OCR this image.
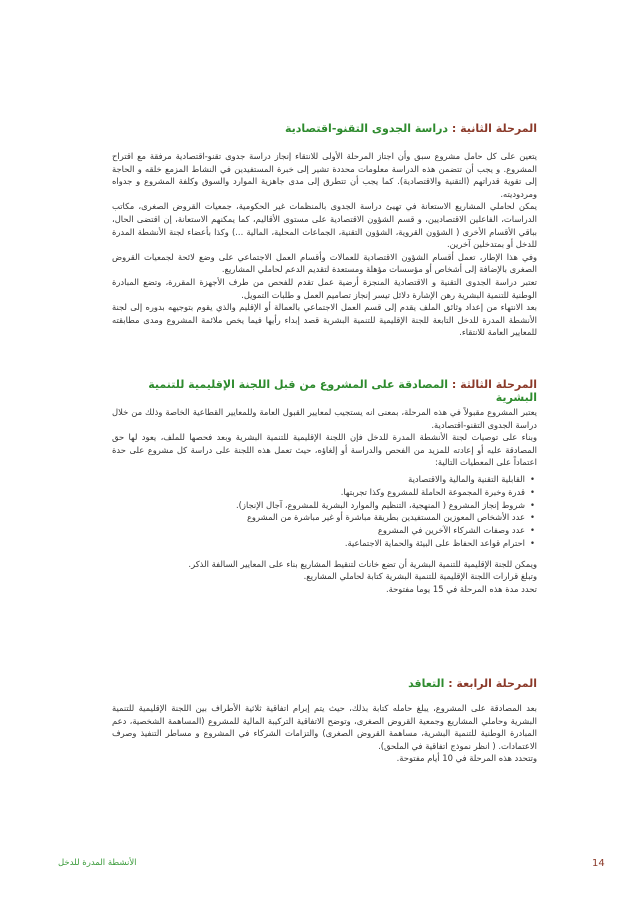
المرحلة الثانية : دراسة الجدوى التقنو-اقتصادية

يتعين على كل حامل مشروع سبق وأن اجتاز المرحلة الأولى للانتقاء إنجاز دراسة جدوى تقنو-اقتصادية مرفقة مع اقتراح المشروع. و يجب أن تتضمن هذه الدراسة معلومات محددة تشير إلى خبرة المستفيدين في النشاط المزمع خلقه و الحاجة إلى تقوية قدراتهم (التقنية والاقتصادية). كما يجب أن تتطرق إلى مدى جاهزية الموارد والسوق وكلفة المشروع و جدواه ومردوديته.

يمكن لحاملي المشاريع الاستعانة في تهيئ دراسة الجدوى بالمنظمات غير الحكومية، جمعيات القروض الصغرى، مكاتب الدراسات، الفاعلين الاقتصاديين، و قسم الشؤون الاقتصادية على مستوى الأقاليم، كما يمكنهم الاستعانة، إن اقتضى الحال، بباقي الأقسام الأخرى ( الشؤون القروية، الشؤون التقنية، الجماعات المحلية، المالية ...) وكذا بأعضاء لجنة الأنشطة المدرة للدخل أو بمتدخلين آخرين.

وفي هذا الإطار، تعمل أقسام الشؤون الاقتصادية للعمالات وأقسام العمل الاجتماعي على وضع لائحة لجمعيات القروض الصغرى بالإضافة إلى أشخاص أو مؤسسات مؤهلة ومستعدة لتقديم الدعم لحاملي المشاريع.

تعتبر دراسة الجدوى التقنية و الاقتصادية المنجزة أرضية عمل تقدم للفحص من طرف الأجهزة المقررة، وتضع المبادرة الوطنية للتنمية البشرية رهن الإشارة دلائل تيسر إنجاز تصاميم العمل و طلبات التمويل.

بعد الانتهاء من إعداد وثائق الملف يقدم إلى قسم العمل الاجتماعي بالعمالة أو الإقليم والذي يقوم بتوجيهه بدوره إلى لجنة الأنشطة المدرة للدخل التابعة للجنة الإقليمية للتنمية البشرية قصد إبداء رأيها فيما يخص ملائمة المشروع ومدى مطابقته للمعايير العامة للانتقاء.

المرحلة الثالثة : المصادقة على المشروع من قبل اللجنة الإقليمية للتنمية البشرية

يعتبر المشروع مقبولاً في هذه المرحلة، بمعنى انه يستجيب لمعايير القبول العامة وللمعايير القطاعية الخاصة وذلك من خلال دراسة الجدوى التقنو-اقتصادية.

وبناء على توصيات لجنة الأنشطة المدرة للدخل فإن اللجنة الإقليمية للتنمية البشرية وبعد فحصها للملف، يعود لها حق المصادقة عليه أو إعادته للمزيد من الفحص والدراسة أو إلغاؤه، حيث تعمل هذه اللجنة على دراسة كل مشروع على حدة اعتماداً على المعطيات التالية:

•القابلية التقنية والمالية والاقتصادية
•قدرة وخبرة المجموعة الحاملة للمشروع وكذا تجربتها.
•شروط إنجاز المشروع ( المنهجية، التنظيم والموارد البشرية للمشروع، آجال الإنجاز).
•عدد الأشخاص المعوزين المستفيدين بطريقة مباشرة أو غير مباشرة من المشروع
•عدد وصفات الشركاء الآخرين في المشروع
•احترام قواعد الحفاظ على البيئة والحماية الاجتماعية.

ويمكن للجنة الإقليمية للتنمية البشرية أن تضع خانات لتنقيط المشاريع بناء على المعايير السالفة الذكر.

وتبلغ قرارات اللجنة الإقليمية للتنمية البشرية كتابة لحاملي المشاريع.

تحدد مدة هذه المرحلة في 15 يوما مفتوحة.

المرحلة الرابعة : التعاقد

بعد المصادقة على المشروع، يبلغ حامله كتابة بذلك، حيث يتم إبرام اتفاقية ثلاثية الأطراف بين اللجنة الإقليمية للتنمية البشرية وحاملي المشاريع وجمعية القروض الصغرى، وتوضح الاتفاقية التركيبة المالية للمشروع (المساهمة الشخصية، دعم المبادرة الوطنية للتنمية البشرية، مساهمة القروض الصغرى) والتزامات الشركاء في المشروع و مساطر التنفيذ وصرف الاعتمادات. ( انظر نموذج اتفاقية في الملحق).

وتتحدد هذه المرحلة في 10 أيام مفتوحة.

14
الأنشطة المدرة للدخل
